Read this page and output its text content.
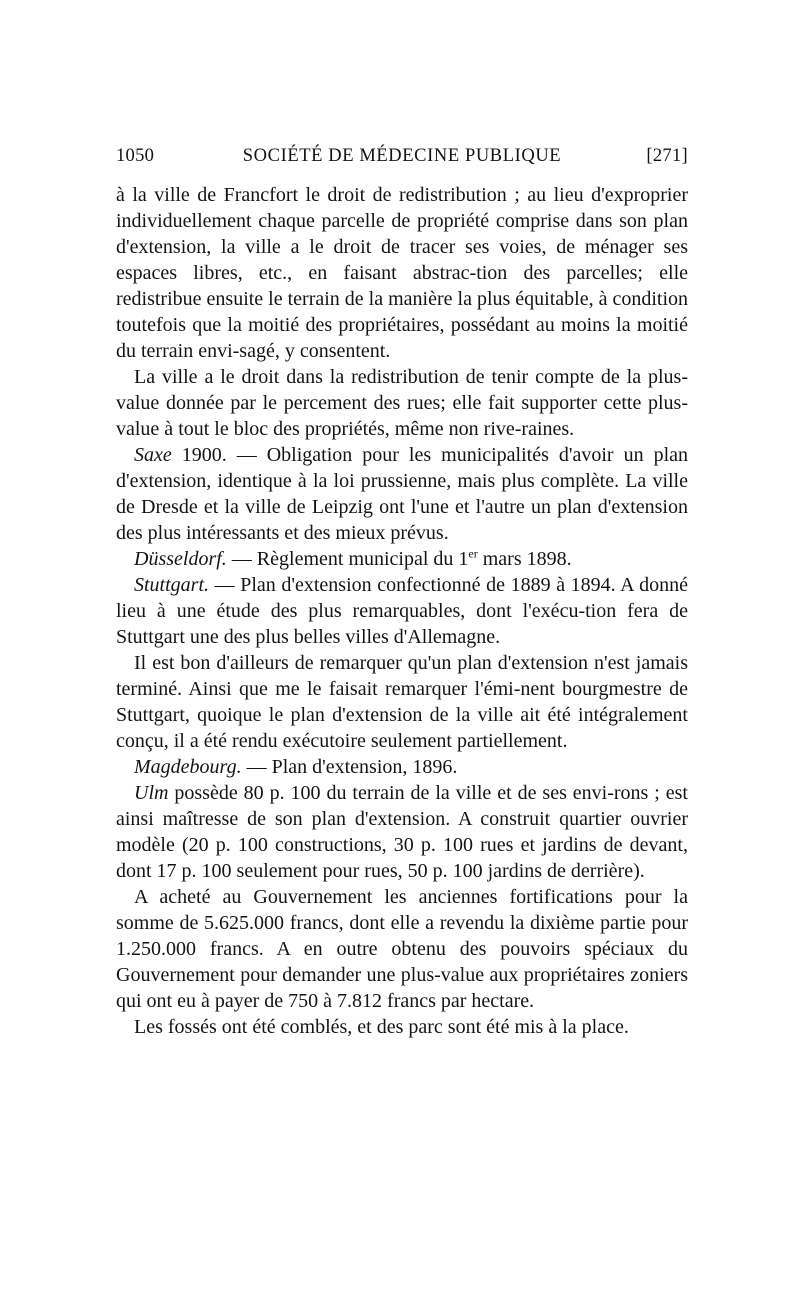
1050	SOCIÉTÉ DE MÉDECINE PUBLIQUE	[271]

à la ville de Francfort le droit de redistribution ; au lieu d'exproprier individuellement chaque parcelle de propriété comprise dans son plan d'extension, la ville a le droit de tracer ses voies, de ménager ses espaces libres, etc., en faisant abstrac-tion des parcelles; elle redistribue ensuite le terrain de la manière la plus équitable, à condition toutefois que la moitié des propriétaires, possédant au moins la moitié du terrain envi-sagé, y consentent.

La ville a le droit dans la redistribution de tenir compte de la plus-value donnée par le percement des rues; elle fait supporter cette plus-value à tout le bloc des propriétés, même non rive-raines.

Saxe 1900. — Obligation pour les municipalités d'avoir un plan d'extension, identique à la loi prussienne, mais plus complète. La ville de Dresde et la ville de Leipzig ont l'une et l'autre un plan d'extension des plus intéressants et des mieux prévus.

Düsseldorf. — Règlement municipal du 1er mars 1898.

Stuttgart. — Plan d'extension confectionné de 1889 à 1894. A donné lieu à une étude des plus remarquables, dont l'exécu-tion fera de Stuttgart une des plus belles villes d'Allemagne.

Il est bon d'ailleurs de remarquer qu'un plan d'extension n'est jamais terminé. Ainsi que me le faisait remarquer l'émi-nent bourgmestre de Stuttgart, quoique le plan d'extension de la ville ait été intégralement conçu, il a été rendu exécutoire seulement partiellement.

Magdebourg. — Plan d'extension, 1896.

Ulm possède 80 p. 100 du terrain de la ville et de ses envi-rons ; est ainsi maîtresse de son plan d'extension. A construit quartier ouvrier modèle (20 p. 100 constructions, 30 p. 100 rues et jardins de devant, dont 17 p. 100 seulement pour rues, 50 p. 100 jardins de derrière).

A acheté au Gouvernement les anciennes fortifications pour la somme de 5.625.000 francs, dont elle a revendu la dixième partie pour 1.250.000 francs. A en outre obtenu des pouvoirs spéciaux du Gouvernement pour demander une plus-value aux propriétaires zoniers qui ont eu à payer de 750 à 7.812 francs par hectare.

Les fossés ont été comblés, et des parc sont été mis à la place.
